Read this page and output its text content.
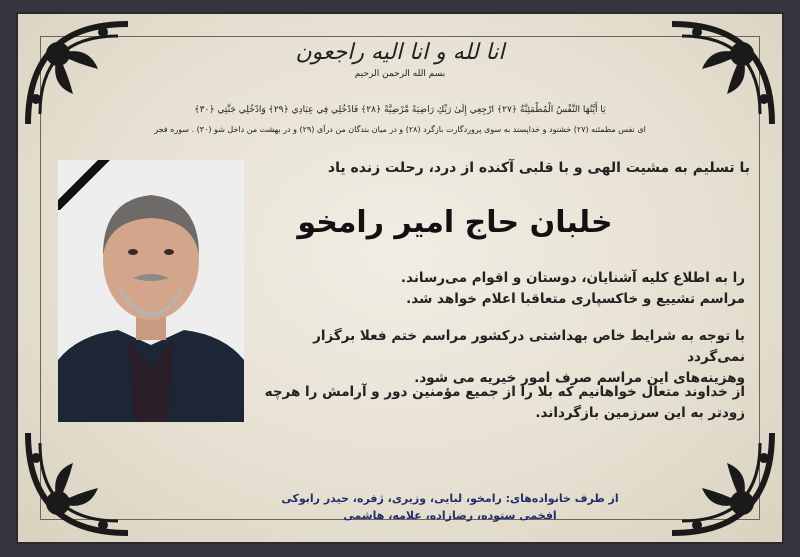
انا لله و انا الیه راجعون
بسم الله الرحمن الرحیم
یَا أَیَّتُهَا النَّفْسُ الْمُطْمَئِنَّةُ ﴿۲۷﴾ ارْجِعِي إِلَىٰ رَبِّكِ رَاضِيَةً مَّرْضِيَّةً ﴿۲۸﴾ فَادْخُلِي فِي عِبَادِي ﴿۲۹﴾ وَادْخُلِي جَنَّتِي ﴿۳۰﴾
ای نفس مطمئنه (۲۷) خشنود و خداپسند به سوی پروردگارت بازگرد (۲۸) و در میان بندگان من درآی (۲۹) و در بهشت من داخل شو (۳۰) . سوره فجر
با تسلیم به مشیت الهی و با قلبی آکنده از درد، رحلت زنده یاد
خلبان حاج امیر رامخو
را به اطلاع کلیه آشنایان، دوستان و اقوام می‌رساند.
مراسم تشییع و خاکسپاری متعاقبا اعلام خواهد شد.
با توجه به شرایط خاص بهداشتی درکشور مراسم ختم فعلا برگزار نمی‌گردد
وهزینه‌های این مراسم صرف امور خیریه می شود.
از خداوند متعال خواهانیم که بلا را از جمیع مؤمنین دور و آرامش را هرچه
زودتر به این سرزمین بازگرداند.
از طرف خانواده‌های: رامخو، لبایی، وزیری، ژفره، حیدر رابوکی
افخمی ستوده، رضازاده، علامه، هاشمی
